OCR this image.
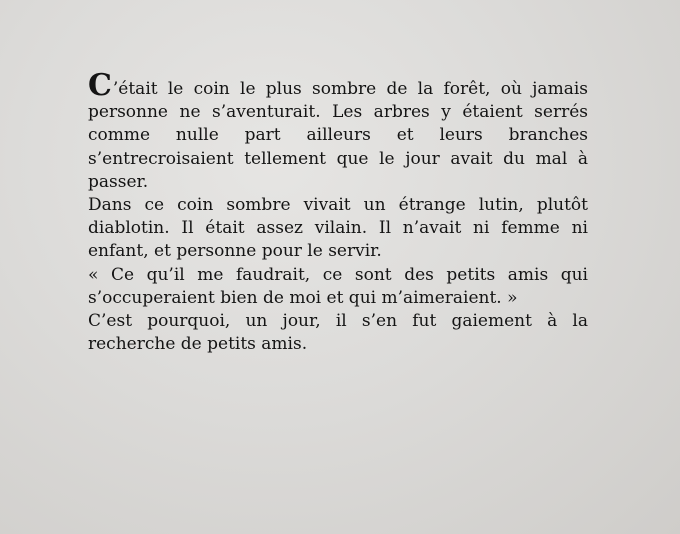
C’était le coin le plus sombre de la forêt, où jamais personne ne s’aventurait. Les arbres y étaient serrés comme nulle part ailleurs et leurs branches s’entrecroisaient tellement que le jour avait du mal à passer.

Dans ce coin sombre vivait un étrange lutin, plutôt diablotin. Il était assez vilain. Il n’avait ni femme ni enfant, et personne pour le servir.

« Ce qu’il me faudrait, ce sont des petits amis qui s’occuperaient bien de moi et qui m’aimeraient. »

C’est pourquoi, un jour, il s’en fut gaiement à la recherche de petits amis.
